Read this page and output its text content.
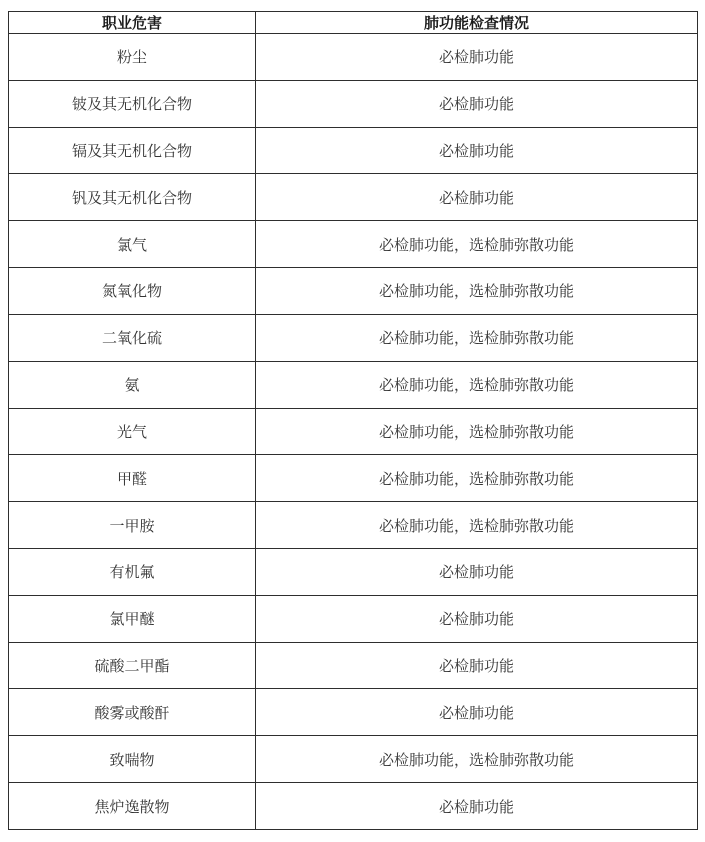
职业危害	肺功能检查情况
粉尘	必检肺功能
铍及其无机化合物	必检肺功能
镉及其无机化合物	必检肺功能
钒及其无机化合物	必检肺功能
氯气	必检肺功能，选检肺弥散功能
氮氧化物	必检肺功能，选检肺弥散功能
二氧化硫	必检肺功能，选检肺弥散功能
氨	必检肺功能，选检肺弥散功能
光气	必检肺功能，选检肺弥散功能
甲醛	必检肺功能，选检肺弥散功能
一甲胺	必检肺功能，选检肺弥散功能
有机氟	必检肺功能
氯甲醚	必检肺功能
硫酸二甲酯	必检肺功能
酸雾或酸酐	必检肺功能
致喘物	必检肺功能，选检肺弥散功能
焦炉逸散物	必检肺功能
